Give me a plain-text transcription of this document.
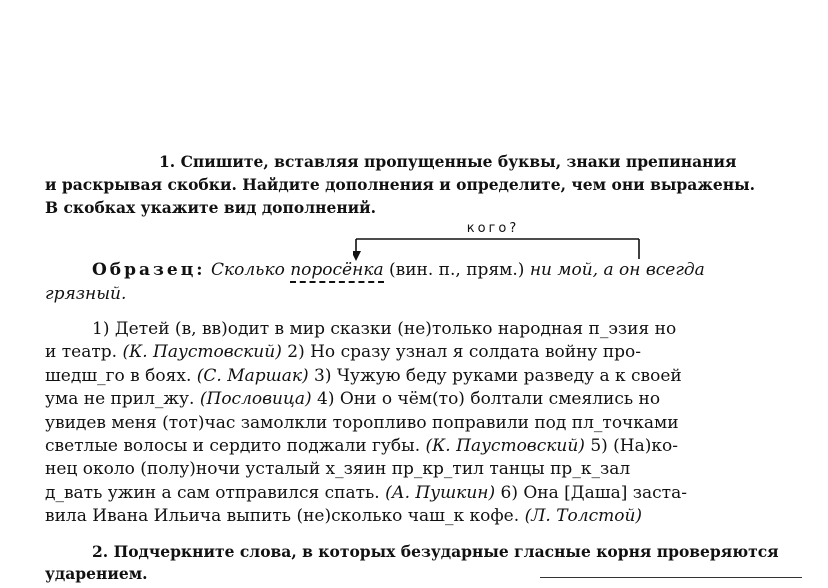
1. Спишите, вставляя пропущенные буквы, знаки препинания
и раскрывая скобки. Найдите дополнения и определите, чем они выражены.
В скобках укажите вид дополнений.
кого?
Образец: Сколько поросёнка (вин. п., прям.) ни мой, а он всегда
грязный.
1) Детей (в, вв)одит в мир сказки (не)только народная п_эзия но
и театр. (К. Паустовский) 2) Но сразу узнал я солдата войну про-
шедш_го в боях. (С. Маршак) 3) Чужую беду руками разведу а к своей
ума не прил_жу. (Пословица) 4) Они о чём(то) болтали смеялись но
увидев меня (тот)час замолкли торопливо поправили под пл_точками
светлые волосы и сердито поджали губы. (К. Паустовский) 5) (На)ко-
нец около (полу)ночи усталый х_зяин пр_кр_тил танцы пр_к_зал
д_вать ужин а сам отправился спать. (А. Пушкин) 6) Она [Даша] заста-
вила Ивана Ильича выпить (не)сколько чаш_к кофе. (Л. Толстой)
2. Подчеркните слова, в которых безударные гласные корня проверяются
ударением.
